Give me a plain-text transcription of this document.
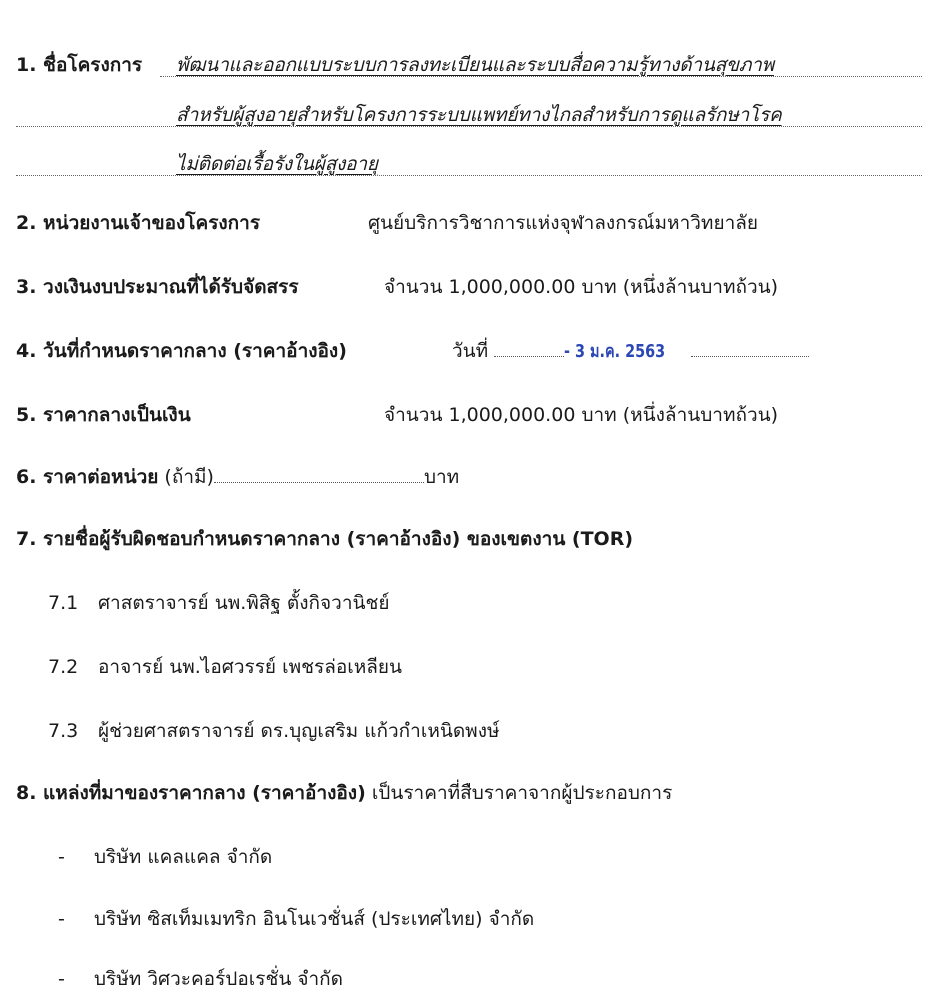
1. ชื่อโครงการ พัฒนาและออกแบบระบบการลงทะเบียนและระบบสื่อความรู้ทางด้านสุขภาพ
สำหรับผู้สูงอายุสำหรับโครงการระบบแพทย์ทางไกลสำหรับการดูแลรักษาโรค
ไม่ติดต่อเรื้อรังในผู้สูงอายุ
2. หน่วยงานเจ้าของโครงการ	ศูนย์บริการวิชาการแห่งจุฬาลงกรณ์มหาวิทยาลัย
3. วงเงินงบประมาณที่ได้รับจัดสรร	จำนวน 1,000,000.00 บาท (หนึ่งล้านบาทถ้วน)
4. วันที่กำหนดราคากลาง (ราคาอ้างอิง)	วันที่	- 3 ม.ค. 2563
5. ราคากลางเป็นเงิน	จำนวน 1,000,000.00 บาท (หนึ่งล้านบาทถ้วน)
6. ราคาต่อหน่วย (ถ้ามี)	บาท
7. รายชื่อผู้รับผิดชอบกำหนดราคากลาง (ราคาอ้างอิง) ของเขตงาน (TOR)
7.1 ศาสตราจารย์ นพ.พิสิฐ ตั้งกิจวานิชย์
7.2 อาจารย์ นพ.ไอศวรรย์ เพชรล่อเหลียน
7.3 ผู้ช่วยศาสตราจารย์ ดร.บุญเสริม แก้วกำเหนิดพงษ์
8. แหล่งที่มาของราคากลาง (ราคาอ้างอิง) เป็นราคาที่สืบราคาจากผู้ประกอบการ
- บริษัท แคลแคล จำกัด
- บริษัท ซิสเท็มเมทริก อินโนเวชั่นส์ (ประเทศไทย) จำกัด
- บริษัท วิศวะคอร์ปอเรชั่น จำกัด
